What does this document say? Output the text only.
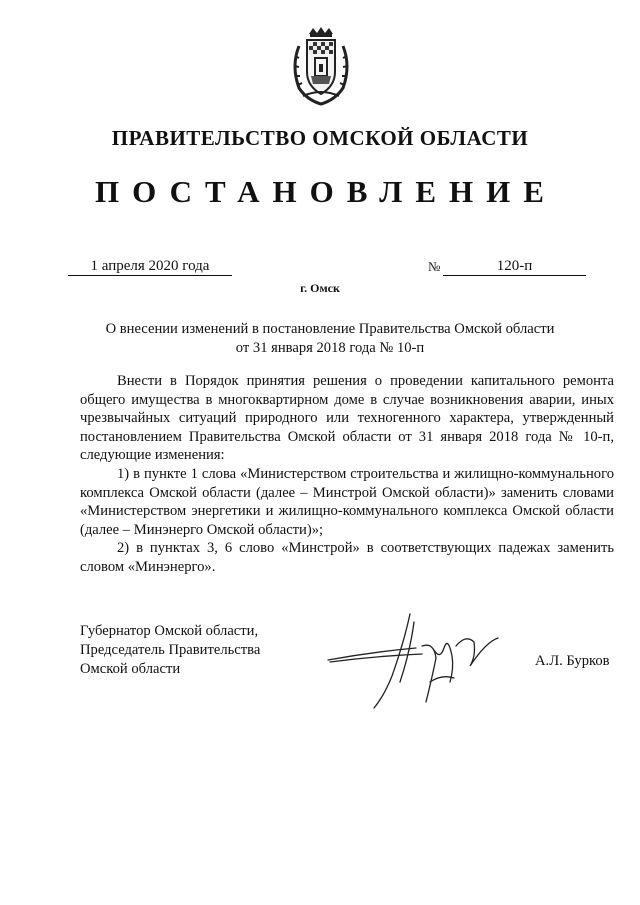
ПРАВИТЕЛЬСТВО ОМСКОЙ ОБЛАСТИ
ПОСТАНОВЛЕНИЕ
1 апреля 2020 года	№	120-п
г. Омск
О внесении изменений в постановление Правительства Омской области
от 31 января 2018 года № 10-п

Внести в Порядок принятия решения о проведении капитального ремонта общего имущества в многоквартирном доме в случае возникновения аварии, иных чрезвычайных ситуаций природного или техногенного характера, утвержденный постановлением Правительства Омской области от 31 января 2018 года № 10-п, следующие изменения:

1) в пункте 1 слова «Министерством строительства и жилищно-коммунального комплекса Омской области (далее – Минстрой Омской области)» заменить словами «Министерством энергетики и жилищно-коммунального комплекса Омской области (далее – Минэнерго Омской области)»;

2) в пунктах 3, 6 слово «Минстрой» в соответствующих падежах заменить словом «Минэнерго».

Губернатор Омской области,
Председатель Правительства
Омской области	А.Л. Бурков
